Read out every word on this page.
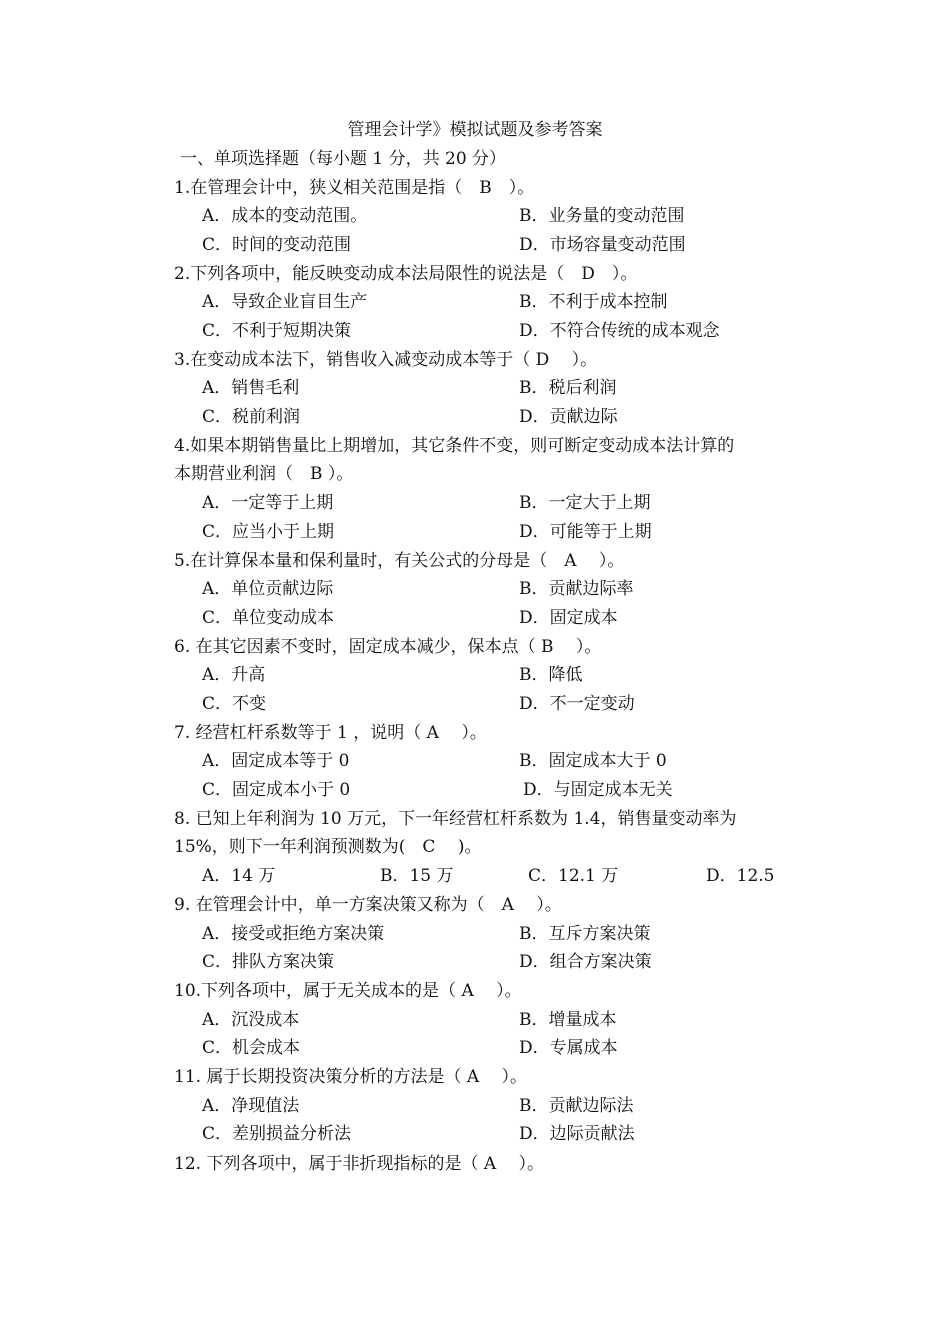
管理会计学》模拟试题及参考答案
一、单项选择题（每小题 1 分，共 20 分）
1.在管理会计中，狭义相关范围是指（　B　）。
A．成本的变动范围。	B．业务量的变动范围
C．时间的变动范围	D．市场容量变动范围
2.下列各项中，能反映变动成本法局限性的说法是（　D　）。
A．导致企业盲目生产	B．不利于成本控制
C．不利于短期决策	D．不符合传统的成本观念
3.在变动成本法下，销售收入减变动成本等于（ D　 ）。
A．销售毛利	B．税后利润
C．税前利润	D．贡献边际
4.如果本期销售量比上期增加，其它条件不变，则可断定变动成本法计算的
本期营业利润（　B ）。
A．一定等于上期	B．一定大于上期
C．应当小于上期	D．可能等于上期
5.在计算保本量和保利量时，有关公式的分母是（　A　 ）。
A．单位贡献边际	B．贡献边际率
C．单位变动成本	D．固定成本
6. 在其它因素不变时，固定成本减少，保本点（ B　 ）。
A．升高	B．降低
C．不变	D．不一定变动
7. 经营杠杆系数等于 1 ，说明（ A　 ）。
A．固定成本等于 0	B．固定成本大于 0
C．固定成本小于 0	D．与固定成本无关
8. 已知上年利润为 10 万元，下一年经营杠杆系数为 1.4，销售量变动率为
15%，则下一年利润预测数为(　C　 )。
A．14 万	B．15 万	C．12.1 万	D．12.5
9. 在管理会计中，单一方案决策又称为（　A　 ）。
A．接受或拒绝方案决策	B．互斥方案决策
C．排队方案决策	D．组合方案决策
10.下列各项中，属于无关成本的是（ A　 ）。
A．沉没成本	B．增量成本
C．机会成本	D．专属成本
11. 属于长期投资决策分析的方法是（ A　 ）。
A．净现值法	B．贡献边际法
C．差别损益分析法	D．边际贡献法
12. 下列各项中，属于非折现指标的是（ A　 ）。
